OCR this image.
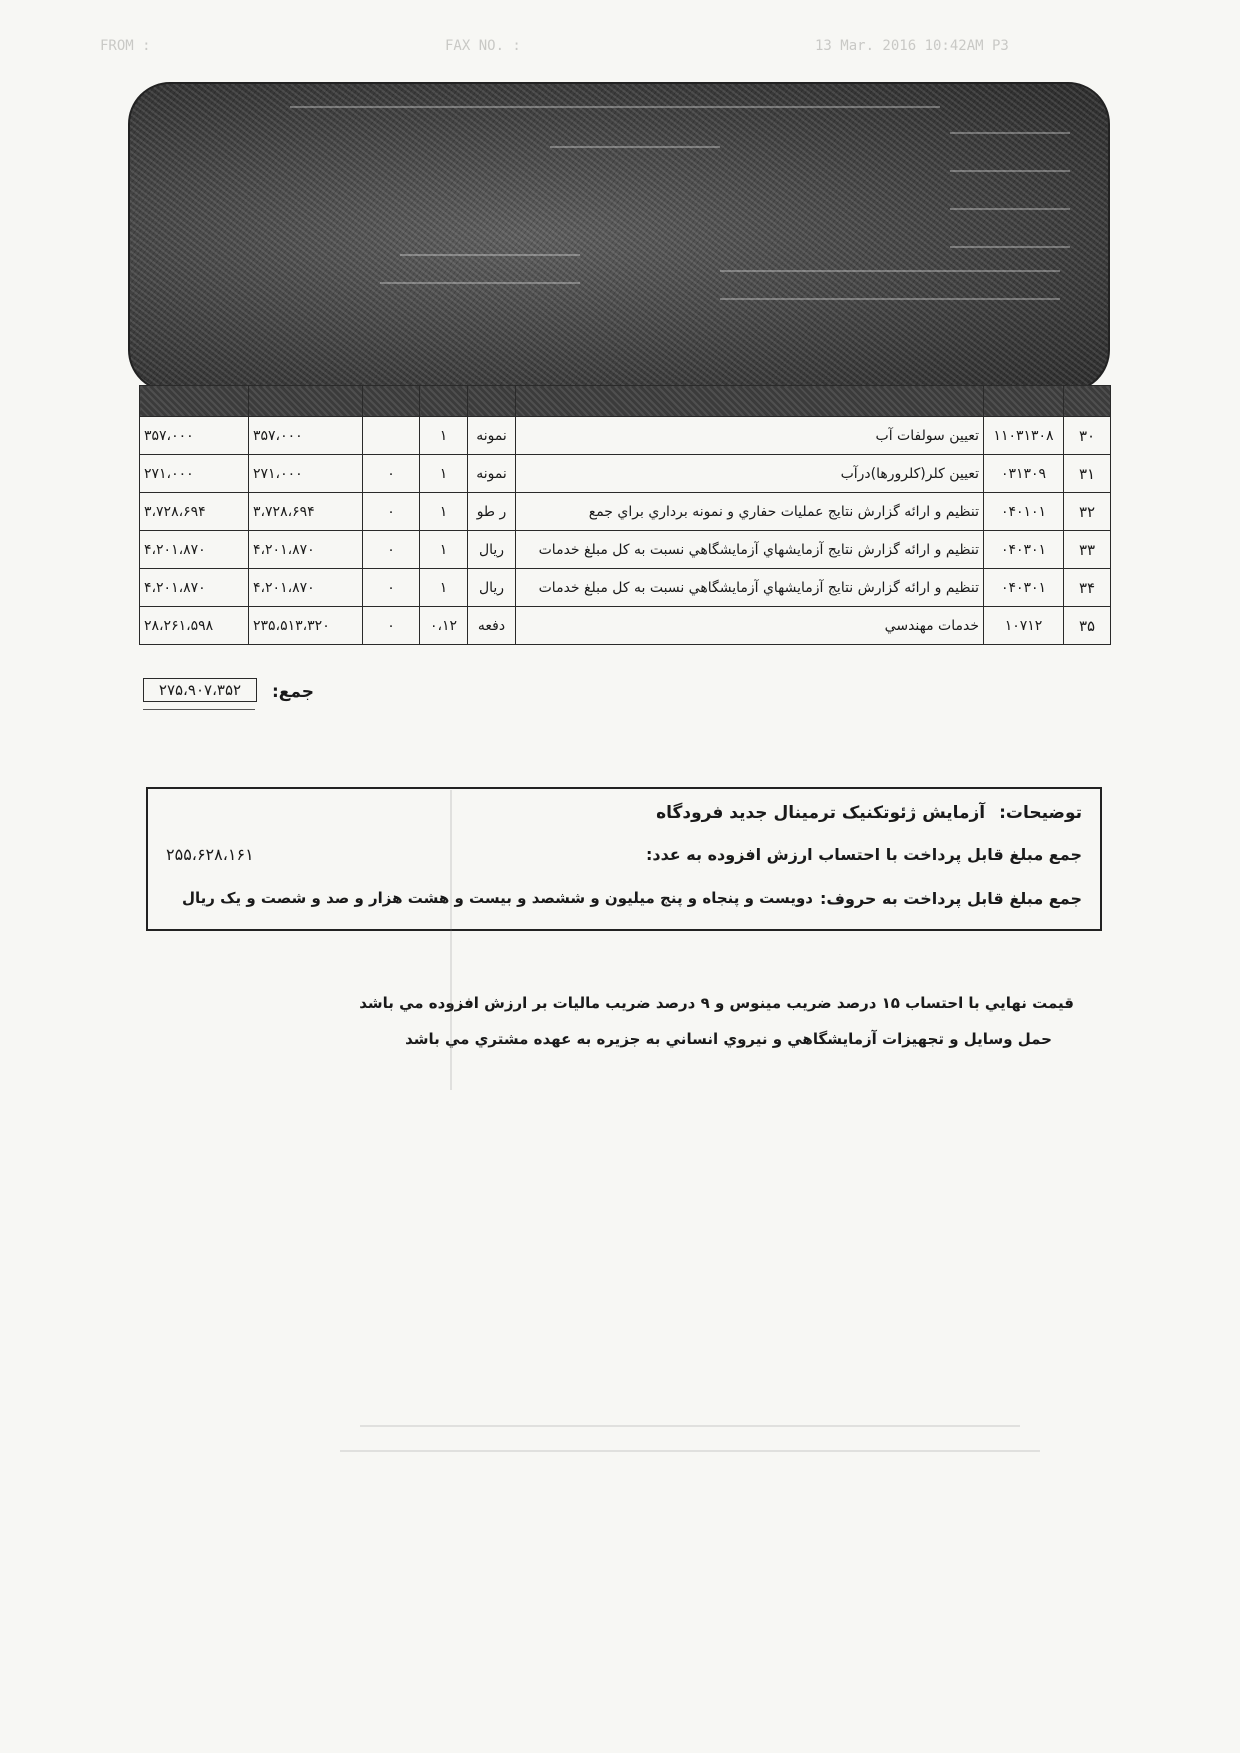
FROM :	FAX NO. :	13 Mar. 2016 10:42AM P3

۳۰	۱۱۰۳۱۳۰۸	تعیین سولفات آب	نمونه	۱		۳۵۷،۰۰۰	۳۵۷،۰۰۰
۳۱	۰۳۱۳۰۹	تعیین کلر(کلرورها)درآب	نمونه	۱	۰	۲۷۱،۰۰۰	۲۷۱،۰۰۰
۳۲	۰۴۰۱۰۱	تنظیم و ارائه گزارش نتایج عملیات حفاري و نمونه برداري براي جمع	ر طو	۱	۰	۳،۷۲۸،۶۹۴	۳،۷۲۸،۶۹۴
۳۳	۰۴۰۳۰۱	تنظیم و ارائه گزارش نتایج آزمایشهاي آزمایشگاهي نسبت به کل مبلغ خدمات	ریال	۱	۰	۴،۲۰۱،۸۷۰	۴،۲۰۱،۸۷۰
۳۴	۰۴۰۳۰۱	تنظیم و ارائه گزارش نتایج آزمایشهاي آزمایشگاهي نسبت به کل مبلغ خدمات	ریال	۱	۰	۴،۲۰۱،۸۷۰	۴،۲۰۱،۸۷۰
۳۵	۱۰۷۱۲	خدمات مهندسي	دفعه	۰،۱۲	۰	۲۳۵،۵۱۳،۳۲۰	۲۸،۲۶۱،۵۹۸
جمع:
۲۷۵،۹۰۷،۳۵۲
توضیحات: آزمایش ژئوتکنیک ترمینال جدید فرودگاه
جمع مبلغ قابل پرداخت با احتساب ارزش افزوده به عدد:
۲۵۵،۶۲۸،۱۶۱
جمع مبلغ قابل پرداخت به حروف:
دویست و پنجاه و پنج میلیون و ششصد و بیست و هشت هزار و صد و شصت و یک ریال
قیمت نهایي با احتساب ۱۵ درصد ضریب مینوس و ۹ درصد ضریب مالیات بر ارزش افزوده مي باشد
حمل وسایل و تجهیزات آزمایشگاهي و نیروي انساني به جزیره به عهده مشتري مي باشد
